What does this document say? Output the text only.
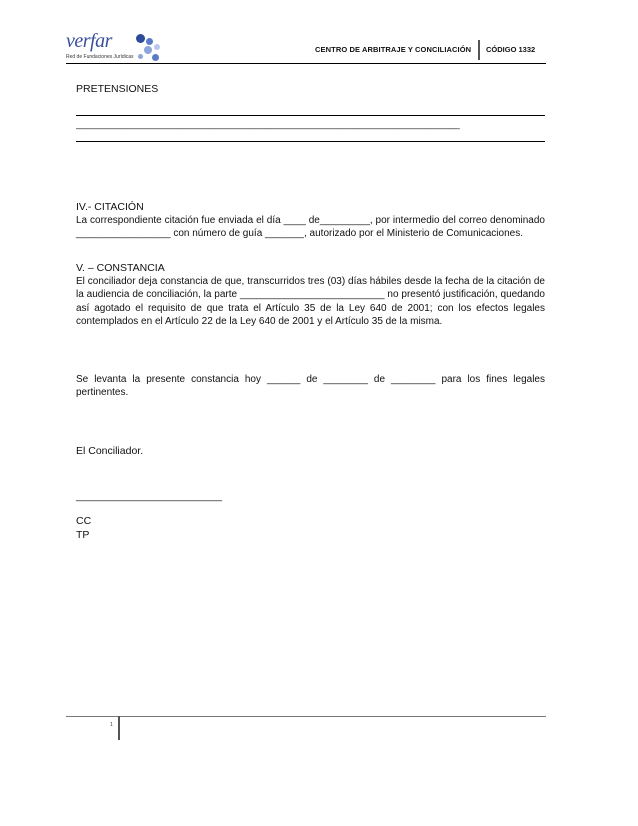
verfar
Red de Fundaciones Jurídicas
CENTRO DE ARBITRAJE Y CONCILIACIÓN CÓDIGO 1332
PRETENSIONES
_____________________________________________________________________
IV.- CITACIÓN
La correspondiente citación fue enviada el día ____ de_________, por intermedio del correo denominado _________________ con número de guía _______, autorizado por el Ministerio de Comunicaciones.
V. – CONSTANCIA
El conciliador deja constancia de que, transcurridos tres (03) días hábiles desde la fecha de la citación de la audiencia de conciliación, la parte __________________________ no presentó justificación, quedando así agotado el requisito de que trata el Artículo 35 de la Ley 640 de 2001; con los efectos legales contemplados en el Artículo 22 de la Ley 640 de 2001 y el Artículo 35 de la misma.
Se levanta la presente constancia hoy ______ de ________ de ________ para los fines legales pertinentes.
El Conciliador.
_________________________
CC
TP
1
